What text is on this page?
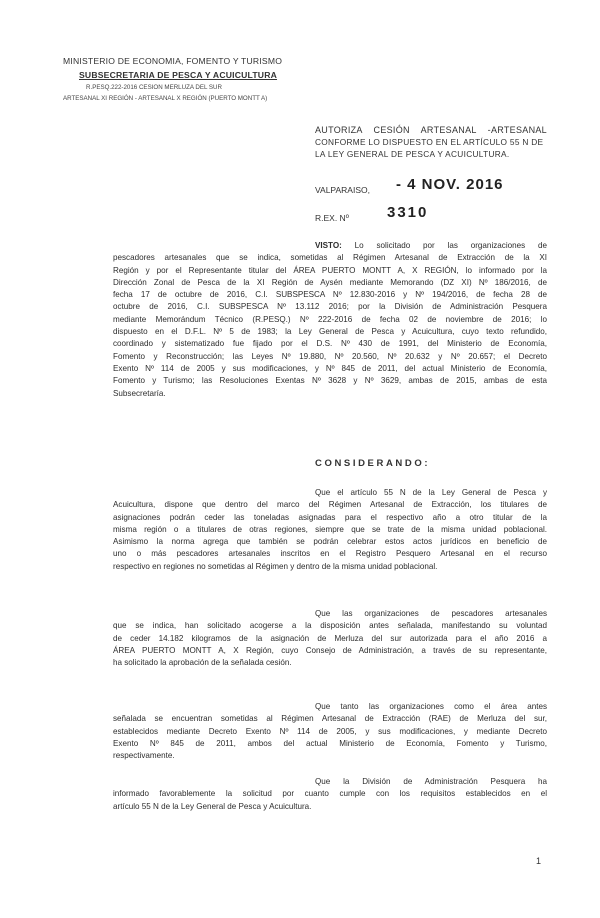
MINISTERIO DE ECONOMIA, FOMENTO Y TURISMO
SUBSECRETARIA DE PESCA Y ACUICULTURA
R.PESQ.222-2016 CESION MERLUZA DEL SUR
ARTESANAL XI REGIÓN - ARTESANAL X REGIÓN (PUERTO MONTT A)
AUTORIZA CESIÓN ARTESANAL -ARTESANAL
CONFORME LO DISPUESTO EN EL ARTÍCULO 55 N DE
LA LEY GENERAL DE PESCA Y ACUICULTURA.
VALPARAISO, - 4 NOV. 2016
R.EX. Nº	3310
VISTO: Lo solicitado por las organizaciones de
pescadores artesanales que se indica, sometidas al Régimen Artesanal de Extracción de la XI
Región y por el Representante titular del ÁREA PUERTO MONTT A, X REGIÓN, lo informado por la
Dirección Zonal de Pesca de la XI Región de Aysén mediante Memorando (DZ XI) Nº 186/2016, de
fecha 17 de octubre de 2016, C.I. SUBSPESCA Nº 12.830-2016 y Nº 194/2016, de fecha 28 de
octubre de 2016, C.I. SUBSPESCA Nº 13.112 2016; por la División de Administración Pesquera
mediante Memorándum Técnico (R.PESQ.) Nº 222-2016 de fecha 02 de noviembre de 2016; lo
dispuesto en el D.F.L. Nº 5 de 1983; la Ley General de Pesca y Acuicultura, cuyo texto refundido,
coordinado y sistematizado fue fijado por el D.S. Nº 430 de 1991, del Ministerio de Economía,
Fomento y Reconstrucción; las Leyes Nº 19.880, Nº 20.560, Nº 20.632 y Nº 20.657; el Decreto
Exento Nº 114 de 2005 y sus modificaciones, y Nº 845 de 2011, del actual Ministerio de Economía,
Fomento y Turismo; las Resoluciones Exentas Nº 3628 y Nº 3629, ambas de 2015, ambas de esta
Subsecretaría.
CONSIDERANDO:
Que el artículo 55 N de la Ley General de Pesca y
Acuicultura, dispone que dentro del marco del Régimen Artesanal de Extracción, los titulares de
asignaciones podrán ceder las toneladas asignadas para el respectivo año a otro titular de la
misma región o a titulares de otras regiones, siempre que se trate de la misma unidad poblacional.
Asimismo la norma agrega que también se podrán celebrar estos actos jurídicos en beneficio de
uno o más pescadores artesanales inscritos en el Registro Pesquero Artesanal en el recurso
respectivo en regiones no sometidas al Régimen y dentro de la misma unidad poblacional.
Que las organizaciones de pescadores artesanales
que se indica, han solicitado acogerse a la disposición antes señalada, manifestando su voluntad
de ceder 14.182 kilogramos de la asignación de Merluza del sur autorizada para el año 2016 a
ÁREA PUERTO MONTT A, X Región, cuyo Consejo de Administración, a través de su representante,
ha solicitado la aprobación de la señalada cesión.
Que tanto las organizaciones como el área antes
señalada se encuentran sometidas al Régimen Artesanal de Extracción (RAE) de Merluza del sur,
establecidos mediante Decreto Exento Nº 114 de 2005, y sus modificaciones, y mediante Decreto
Exento Nº 845 de 2011, ambos del actual Ministerio de Economía, Fomento y Turismo,
respectivamente.
Que la División de Administración Pesquera ha
informado favorablemente la solicitud por cuanto cumple con los requisitos establecidos en el
artículo 55 N de la Ley General de Pesca y Acuicultura.
1
